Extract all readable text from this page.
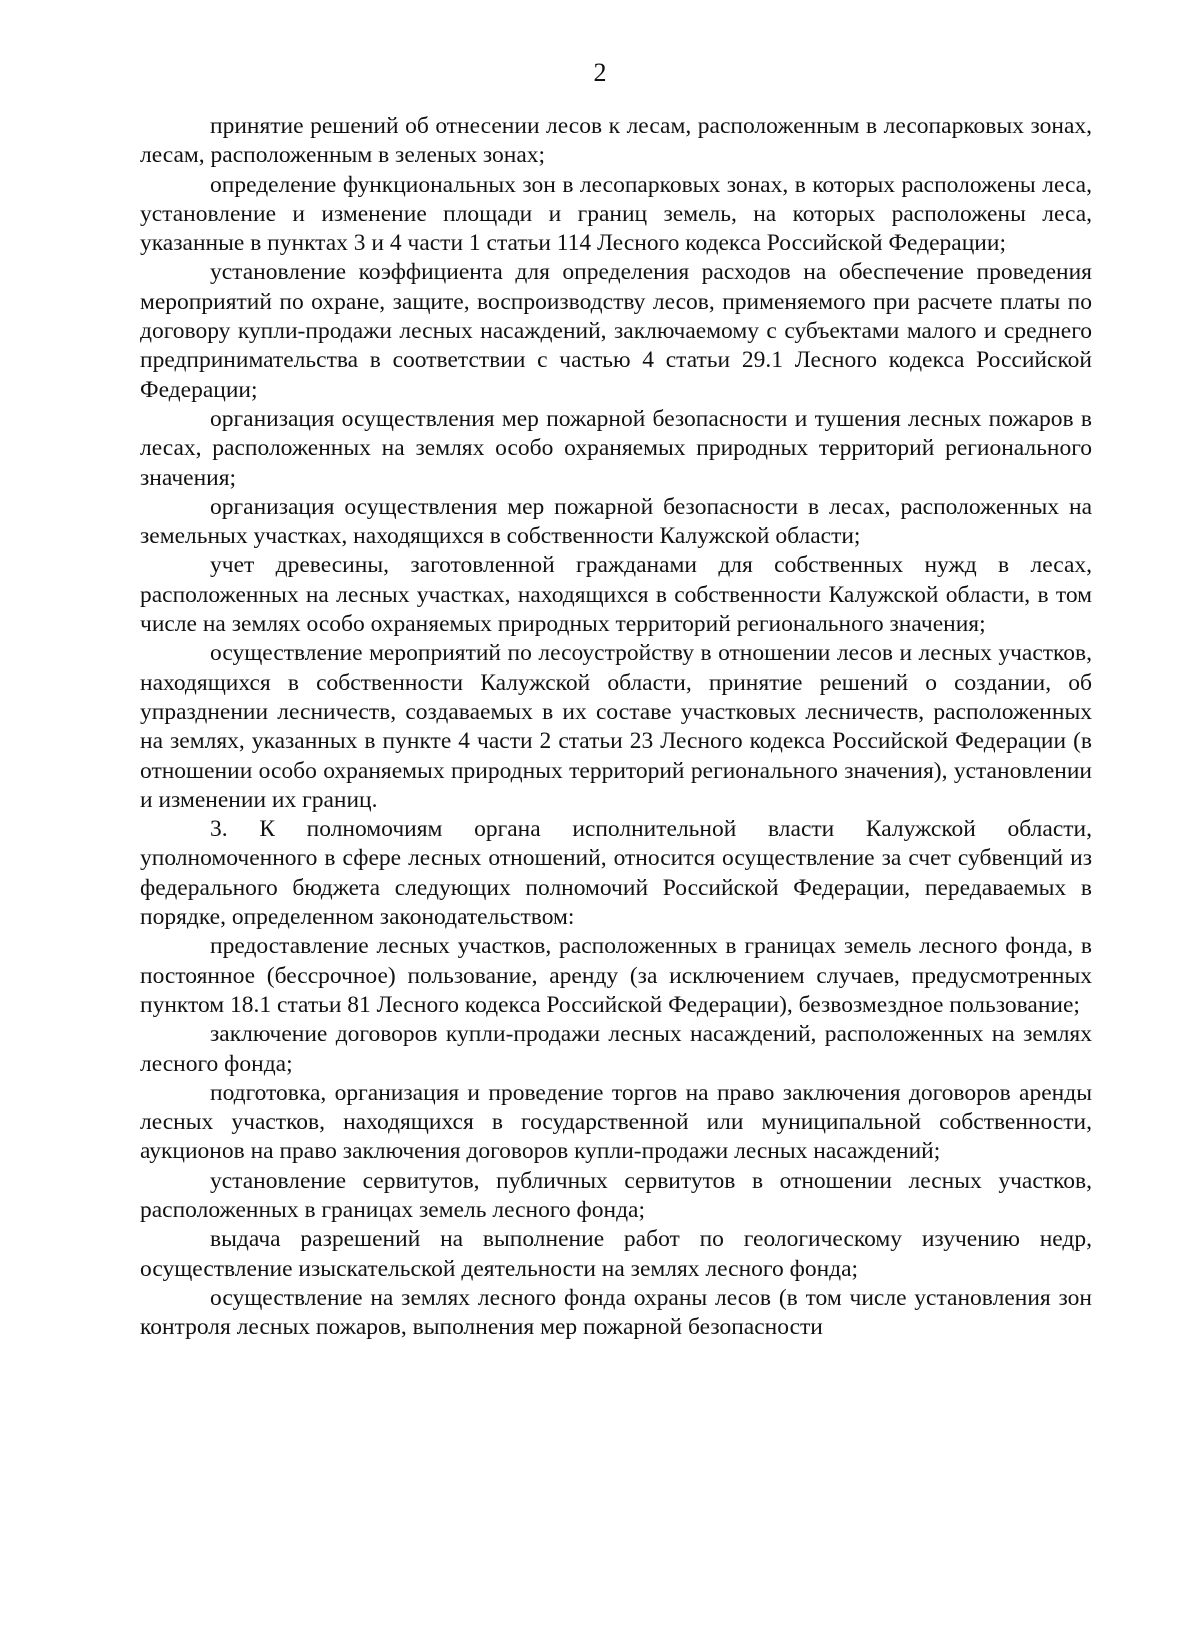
2

принятие решений об отнесении лесов к лесам, расположенным в лесопарковых зонах, лесам, расположенным в зеленых зонах;

определение функциональных зон в лесопарковых зонах, в которых расположены леса, установление и изменение площади и границ земель, на которых расположены леса, указанные в пунктах 3 и 4 части 1 статьи 114 Лесного кодекса Российской Федерации;

установление коэффициента для определения расходов на обеспечение проведения мероприятий по охране, защите, воспроизводству лесов, применяемого при расчете платы по договору купли-продажи лесных насаждений, заключаемому с субъектами малого и среднего предпринимательства в соответствии с частью 4 статьи 29.1 Лесного кодекса Российской Федерации;

организация осуществления мер пожарной безопасности и тушения лесных пожаров в лесах, расположенных на землях особо охраняемых природных территорий регионального значения;

организация осуществления мер пожарной безопасности в лесах, расположенных на земельных участках, находящихся в собственности Калужской области;

учет древесины, заготовленной гражданами для собственных нужд в лесах, расположенных на лесных участках, находящихся в собственности Калужской области, в том числе на землях особо охраняемых природных территорий регионального значения;

осуществление мероприятий по лесоустройству в отношении лесов и лесных участков, находящихся в собственности Калужской области, принятие решений о создании, об упразднении лесничеств, создаваемых в их составе участковых лесничеств, расположенных на землях, указанных в пункте 4 части 2 статьи 23 Лесного кодекса Российской Федерации (в отношении особо охраняемых природных территорий регионального значения), установлении и изменении их границ.

3. К полномочиям органа исполнительной власти Калужской области, уполномоченного в сфере лесных отношений, относится осуществление за счет субвенций из федерального бюджета следующих полномочий Российской Федерации, передаваемых в порядке, определенном законодательством:

предоставление лесных участков, расположенных в границах земель лесного фонда, в постоянное (бессрочное) пользование, аренду (за исключением случаев, предусмотренных пунктом 18.1 статьи 81 Лесного кодекса Российской Федерации), безвозмездное пользование;

заключение договоров купли-продажи лесных насаждений, расположенных на землях лесного фонда;

подготовка, организация и проведение торгов на право заключения договоров аренды лесных участков, находящихся в государственной или муниципальной собственности, аукционов на право заключения договоров купли-продажи лесных насаждений;

установление сервитутов, публичных сервитутов в отношении лесных участков, расположенных в границах земель лесного фонда;

выдача разрешений на выполнение работ по геологическому изучению недр, осуществление изыскательской деятельности на землях лесного фонда;

осуществление на землях лесного фонда охраны лесов (в том числе установления зон контроля лесных пожаров, выполнения мер пожарной безопасности
